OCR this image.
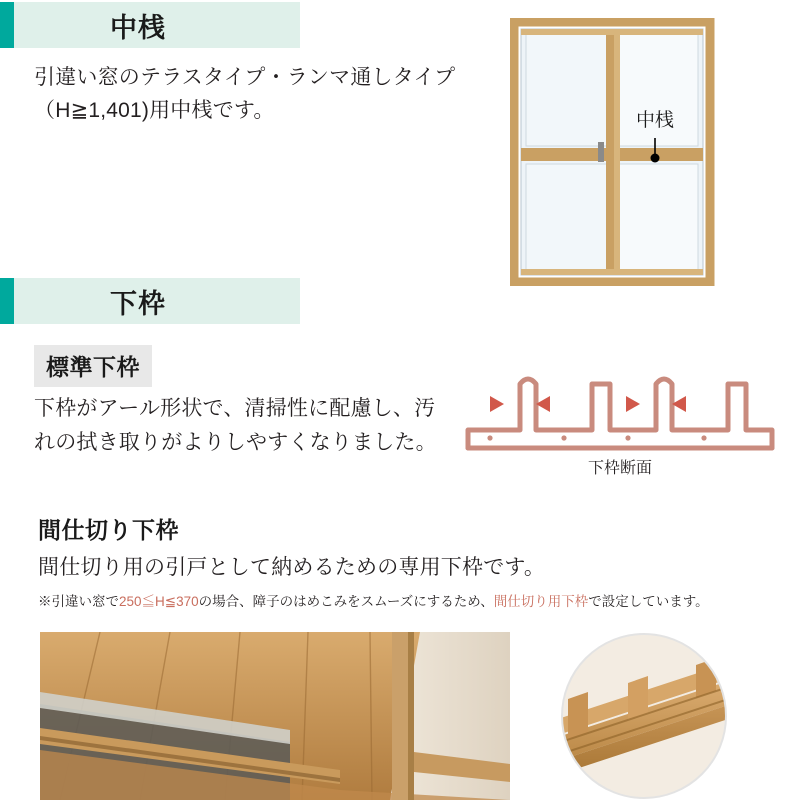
中桟
引違い窓のテラスタイプ・ランマ通しタイプ（H≧1,401)用中桟です。	中桟
下枠
標準下枠
下枠がアール形状で、清掃性に配慮し、汚れの拭き取りがよりしやすくなりました。
下枠断面
間仕切り下枠
間仕切り用の引戸として納めるための専用下枠です。
※引違い窓で250≦H≦370の場合、障子のはめこみをスムーズにするため、間仕切り用下枠で設定しています。
